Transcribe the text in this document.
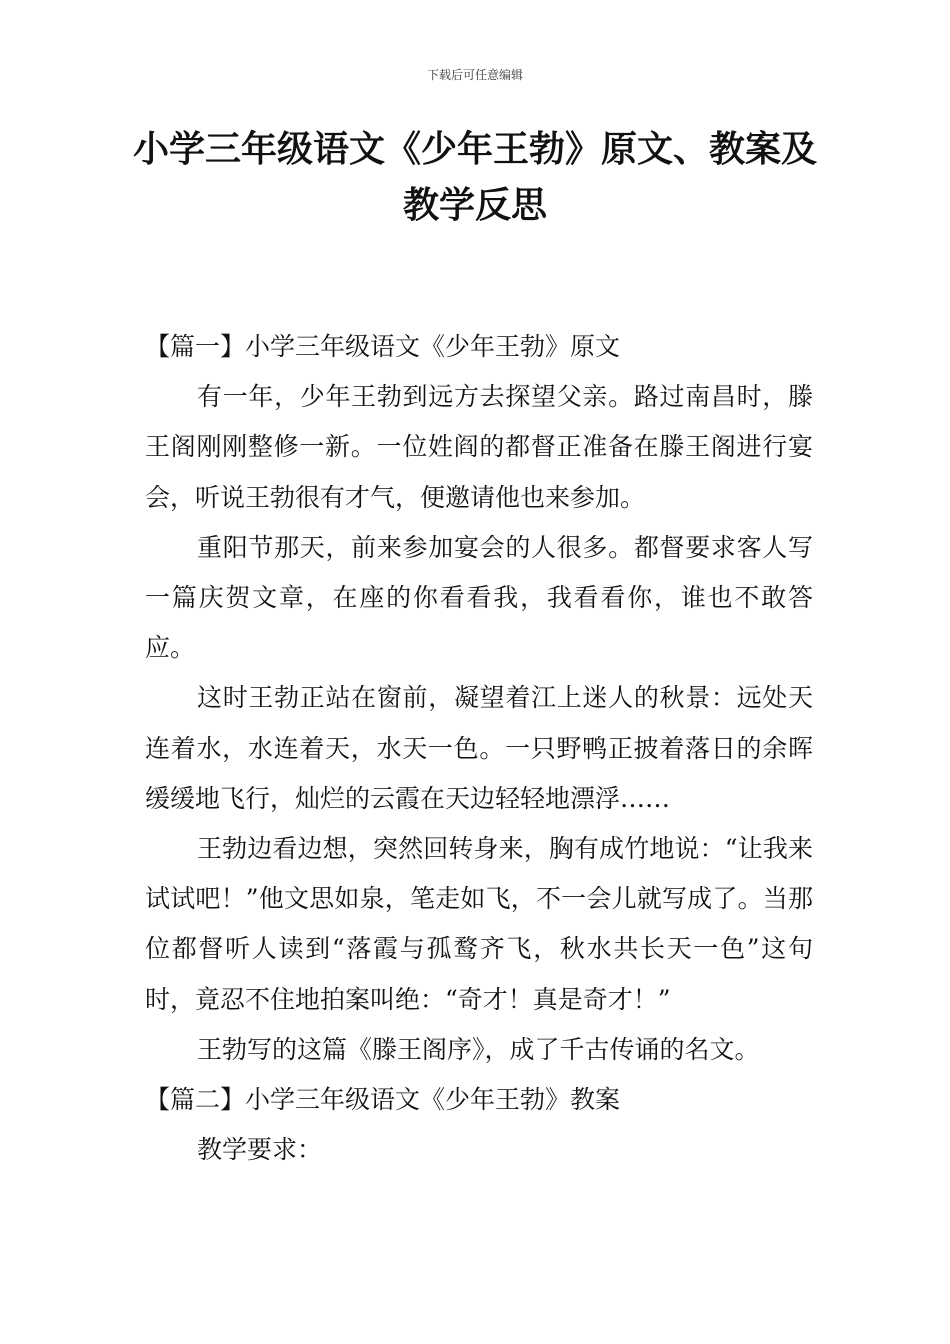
下载后可任意编辑
小学三年级语文《少年王勃》原文、教案及教学反思

【篇一】小学三年级语文《少年王勃》原文

有一年，少年王勃到远方去探望父亲。路过南昌时，滕王阁刚刚整修一新。一位姓阎的都督正准备在滕王阁进行宴会，听说王勃很有才气，便邀请他也来参加。

重阳节那天，前来参加宴会的人很多。都督要求客人写一篇庆贺文章，在座的你看看我，我看看你，谁也不敢答应。

这时王勃正站在窗前，凝望着江上迷人的秋景：远处天连着水，水连着天，水天一色。一只野鸭正披着落日的余晖缓缓地飞行，灿烂的云霞在天边轻轻地漂浮……

王勃边看边想，突然回转身来，胸有成竹地说：“让我来试试吧！”他文思如泉，笔走如飞，不一会儿就写成了。当那位都督听人读到“落霞与孤鹜齐飞，秋水共长天一色”这句时，竟忍不住地拍案叫绝：“奇才！真是奇才！”

王勃写的这篇《滕王阁序》，成了千古传诵的名文。

【篇二】小学三年级语文《少年王勃》教案

教学要求：
